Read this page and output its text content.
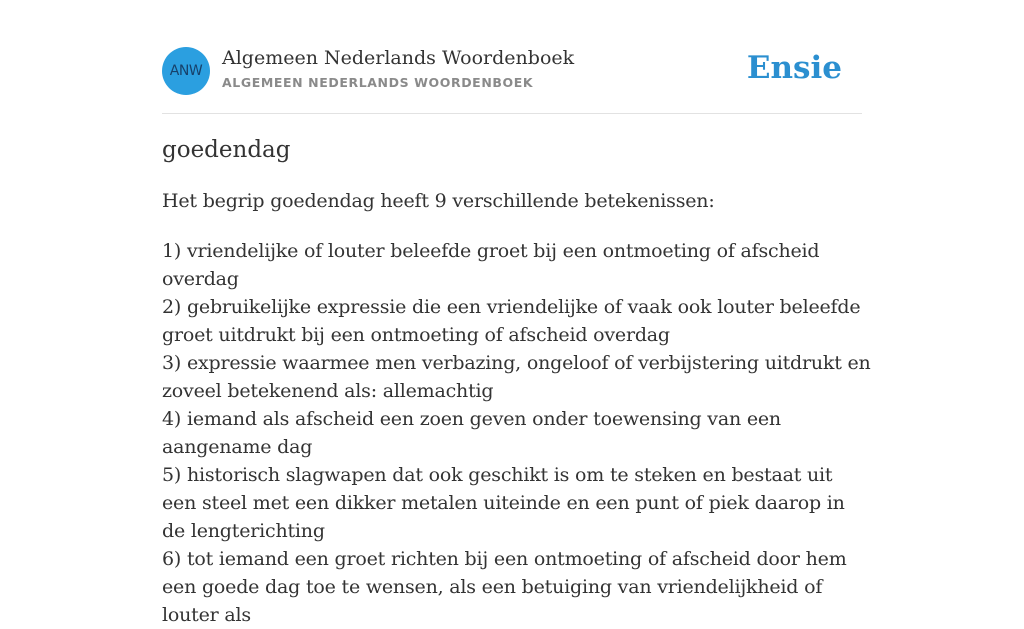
ANW
Algemeen Nederlands Woordenboek
ALGEMEEN NEDERLANDS WOORDENBOEK	Ensie
goedendag
Het begrip goedendag heeft 9 verschillende betekenissen:
1) vriendelijke of louter beleefde groet bij een ontmoeting of afscheid overdag
2) gebruikelijke expressie die een vriendelijke of vaak ook louter beleefde groet uitdrukt bij een ontmoeting of afscheid overdag
3) expressie waarmee men verbazing, ongeloof of verbijstering uitdrukt en zoveel betekenend als: allemachtig
4) iemand als afscheid een zoen geven onder toewensing van een aangename dag
5) historisch slagwapen dat ook geschikt is om te steken en bestaat uit een steel met een dikker metalen uiteinde en een punt of piek daarop in de lengterichting
6) tot iemand een groet richten bij een ontmoeting of afscheid door hem een goede dag toe te wensen, als een betuiging van vriendelijkheid of louter als
